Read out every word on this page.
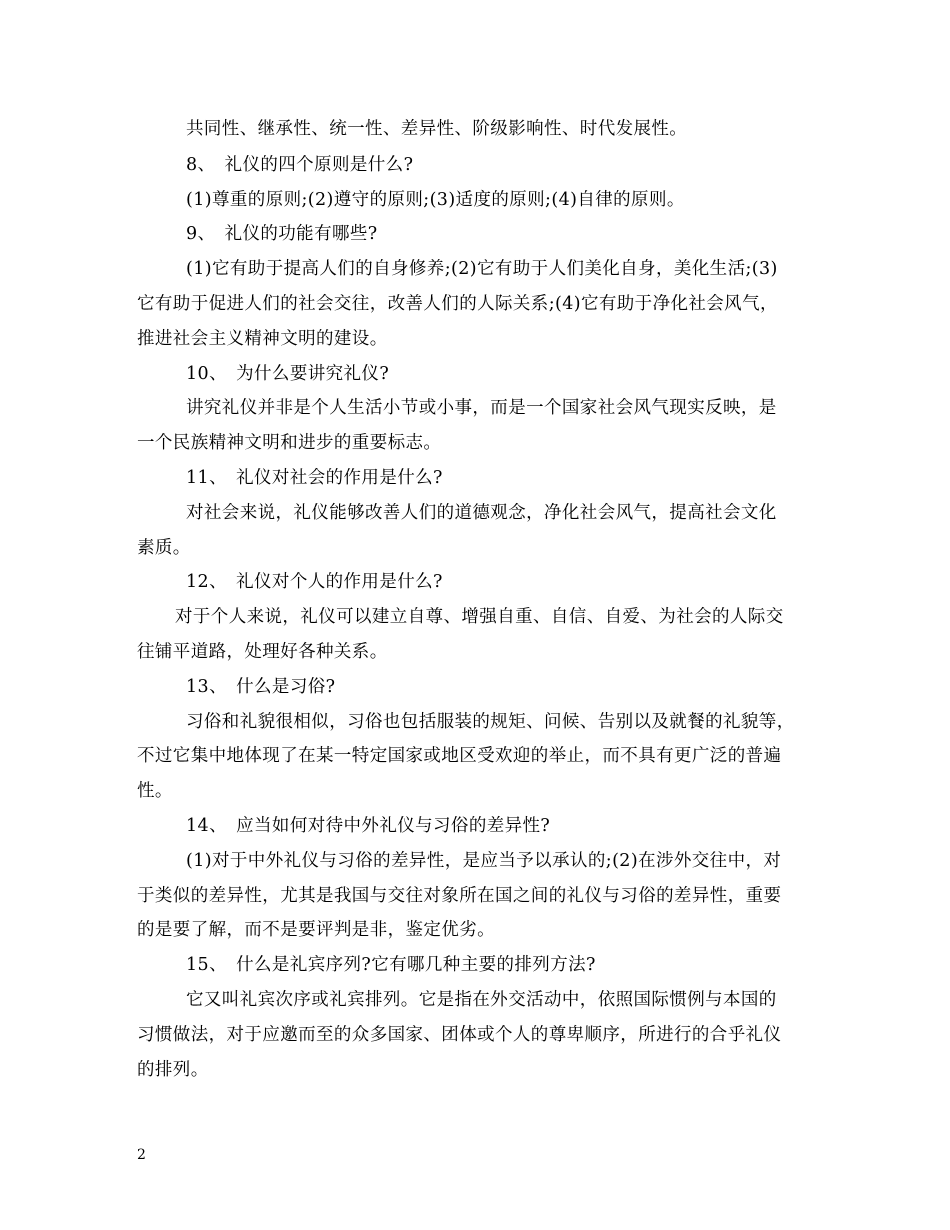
共同性、继承性、统一性、差异性、阶级影响性、时代发展性。
8、　礼仪的四个原则是什么?
(1)尊重的原则;(2)遵守的原则;(3)适度的原则;(4)自律的原则。
9、　礼仪的功能有哪些?
(1)它有助于提高人们的自身修养;(2)它有助于人们美化自身，美化生活;(3)
它有助于促进人们的社会交往，改善人们的人际关系;(4)它有助于净化社会风气，
推进社会主义精神文明的建设。
10、　为什么要讲究礼仪?
讲究礼仪并非是个人生活小节或小事，而是一个国家社会风气现实反映，是
一个民族精神文明和进步的重要标志。
11、　礼仪对社会的作用是什么?
对社会来说，礼仪能够改善人们的道德观念，净化社会风气，提高社会文化
素质。
12、　礼仪对个人的作用是什么?
对于个人来说，礼仪可以建立自尊、增强自重、自信、自爱、为社会的人际交
往铺平道路，处理好各种关系。
13、　什么是习俗?
习俗和礼貌很相似，习俗也包括服装的规矩、问候、告别以及就餐的礼貌等，
不过它集中地体现了在某一特定国家或地区受欢迎的举止，而不具有更广泛的普遍
性。
14、　应当如何对待中外礼仪与习俗的差异性?
(1)对于中外礼仪与习俗的差异性，是应当予以承认的;(2)在涉外交往中，对
于类似的差异性，尤其是我国与交往对象所在国之间的礼仪与习俗的差异性，重要
的是要了解，而不是要评判是非，鉴定优劣。
15、　什么是礼宾序列?它有哪几种主要的排列方法?
它又叫礼宾次序或礼宾排列。它是指在外交活动中，依照国际惯例与本国的
习惯做法，对于应邀而至的众多国家、团体或个人的尊卑顺序，所进行的合乎礼仪
的排列。
2
